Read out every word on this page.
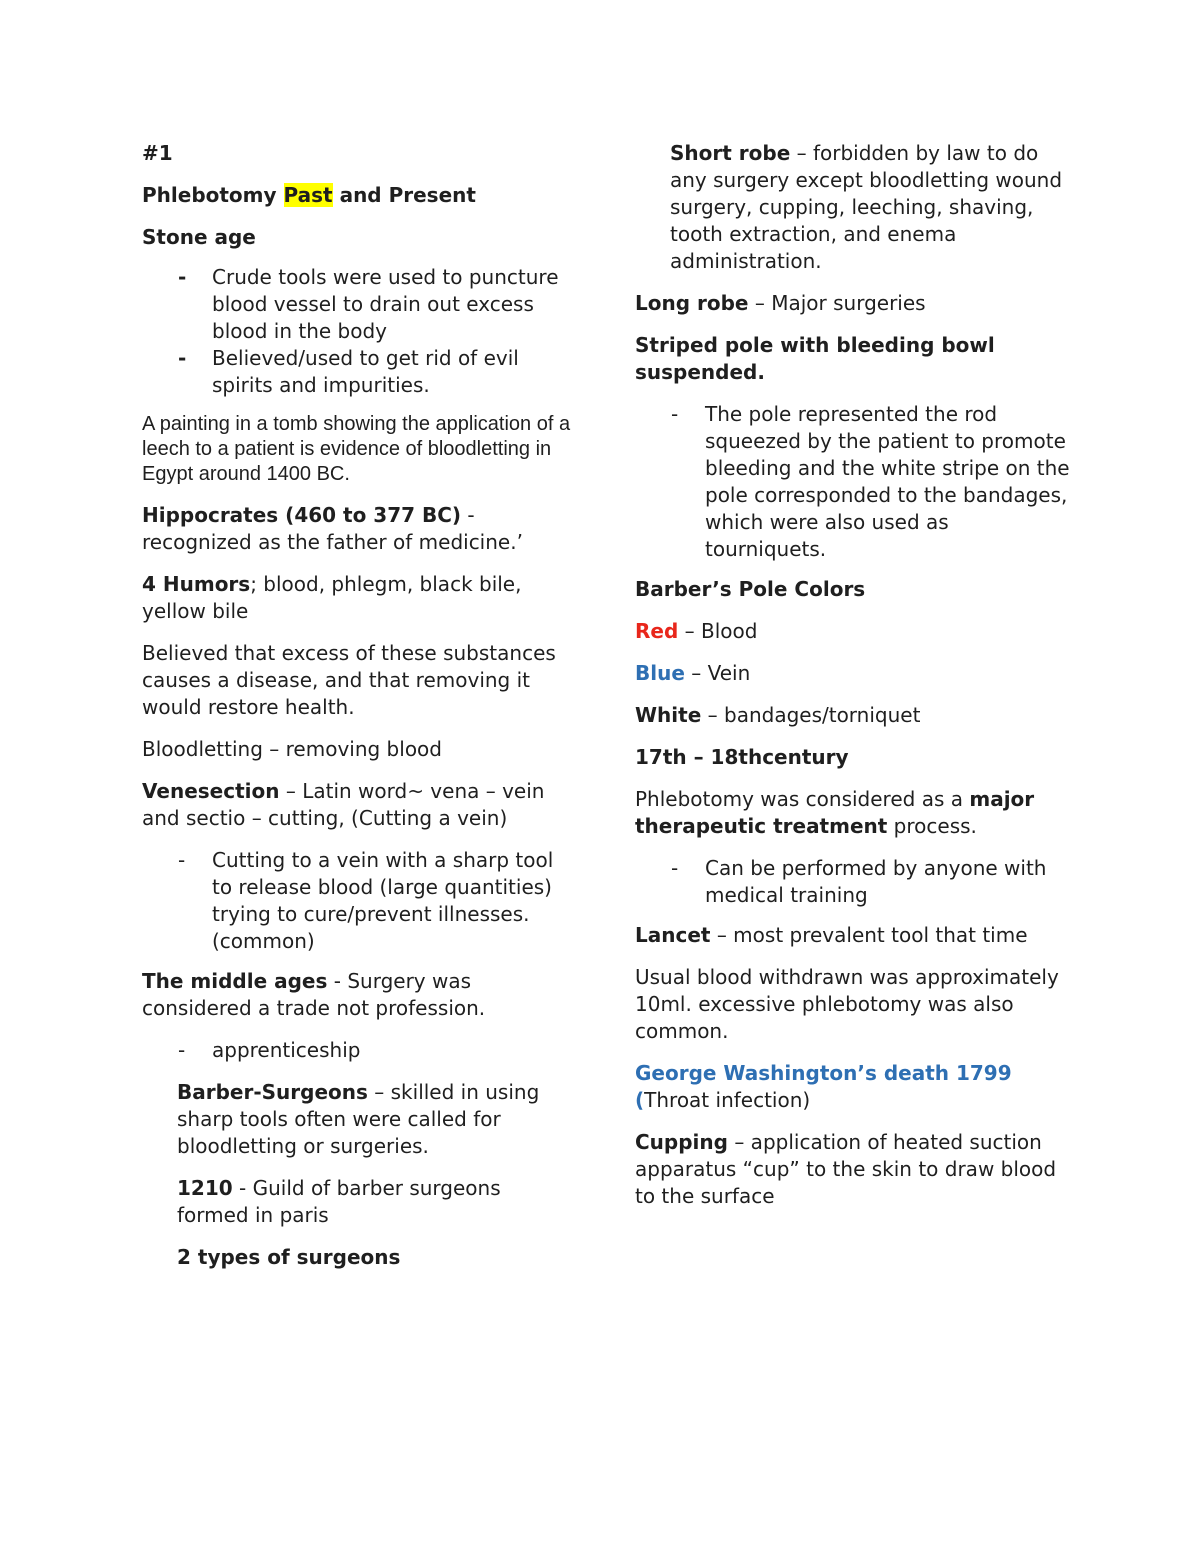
#1

Phlebotomy Past and Present

Stone age

- Crude tools were used to puncture blood vessel to drain out excess blood in the body
- Believed/used to get rid of evil spirits and impurities.

A painting in a tomb showing the application of a leech to a patient is evidence of bloodletting in Egypt around 1400 BC.

Hippocrates (460 to 377 BC) - recognized as the father of medicine.’

4 Humors; blood, phlegm, black bile, yellow bile

Believed that excess of these substances causes a disease, and that removing it would restore health.

Bloodletting – removing blood

Venesection – Latin word~ vena – vein and sectio – cutting, (Cutting a vein)

- Cutting to a vein with a sharp tool to release blood (large quantities) trying to cure/prevent illnesses. (common)

The middle ages - Surgery was considered a trade not profession.

- apprenticeship

Barber-Surgeons – skilled in using sharp tools often were called for bloodletting or surgeries.

1210 - Guild of barber surgeons formed in paris

2 types of surgeons

Short robe – forbidden by law to do any surgery except bloodletting wound surgery, cupping, leeching, shaving, tooth extraction, and enema administration.

Long robe – Major surgeries

Striped pole with bleeding bowl suspended.

- The pole represented the rod squeezed by the patient to promote bleeding and the white stripe on the pole corresponded to the bandages, which were also used as tourniquets.

Barber’s Pole Colors

Red – Blood

Blue – Vein

White – bandages/torniquet

17th – 18thcentury

Phlebotomy was considered as a major therapeutic treatment process.

- Can be performed by anyone with medical training

Lancet – most prevalent tool that time

Usual blood withdrawn was approximately 10ml. excessive phlebotomy was also common.

George Washington’s death 1799 (Throat infection)

Cupping – application of heated suction apparatus “cup” to the skin to draw blood to the surface
